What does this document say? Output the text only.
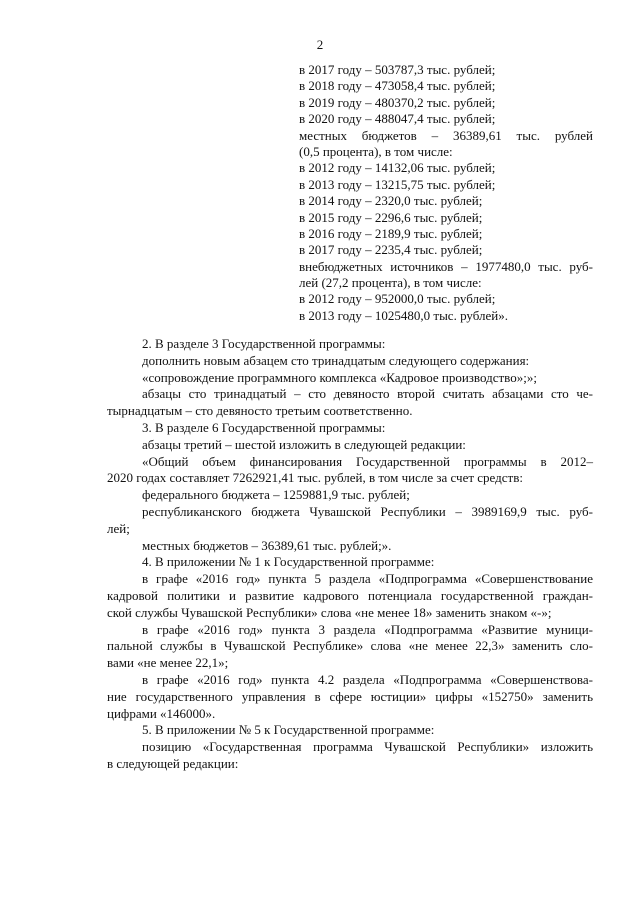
2
в 2017 году – 503787,3 тыс. рублей;
в 2018 году – 473058,4 тыс. рублей;
в 2019 году – 480370,2 тыс. рублей;
в 2020 году – 488047,4 тыс. рублей;
местных бюджетов – 36389,61 тыс. рублей
(0,5 процента), в том числе:
в 2012 году – 14132,06 тыс. рублей;
в 2013 году – 13215,75 тыс. рублей;
в 2014 году – 2320,0 тыс. рублей;
в 2015 году – 2296,6 тыс. рублей;
в 2016 году – 2189,9 тыс. рублей;
в 2017 году – 2235,4 тыс. рублей;
внебюджетных источников – 1977480,0 тыс. руб-
лей (27,2 процента), в том числе:
в 2012 году – 952000,0 тыс. рублей;
в 2013 году – 1025480,0 тыс. рублей».
2. В разделе 3 Государственной программы:
дополнить новым абзацем сто тринадцатым следующего содержания:
«сопровождение программного комплекса «Кадровое производство»;»;
абзацы сто тринадцатый – сто девяносто второй считать абзацами сто че-
тырнадцатым – сто девяносто третьим соответственно.
3. В разделе 6 Государственной программы:
абзацы третий – шестой изложить в следующей редакции:
«Общий объем финансирования Государственной программы в 2012–
2020 годах составляет 7262921,41 тыс. рублей, в том числе за счет средств:
федерального бюджета – 1259881,9 тыс. рублей;
республиканского бюджета Чувашской Республики – 3989169,9 тыс. руб-
лей;
местных бюджетов – 36389,61 тыс. рублей;».
4. В приложении № 1 к Государственной программе:
в графе «2016 год» пункта 5 раздела «Подпрограмма «Совершенствование
кадровой политики и развитие кадрового потенциала государственной граждан-
ской службы Чувашской Республики» слова «не менее 18» заменить знаком «-»;
в графе «2016 год» пункта 3 раздела «Подпрограмма «Развитие муници-
пальной службы в Чувашской Республике» слова «не менее 22,3» заменить сло-
вами «не менее 22,1»;
в графе «2016 год» пункта 4.2 раздела «Подпрограмма «Совершенствова-
ние государственного управления в сфере юстиции» цифры «152750» заменить
цифрами «146000».
5. В приложении № 5 к Государственной программе:
позицию «Государственная программа Чувашской Республики» изложить
в следующей редакции:
